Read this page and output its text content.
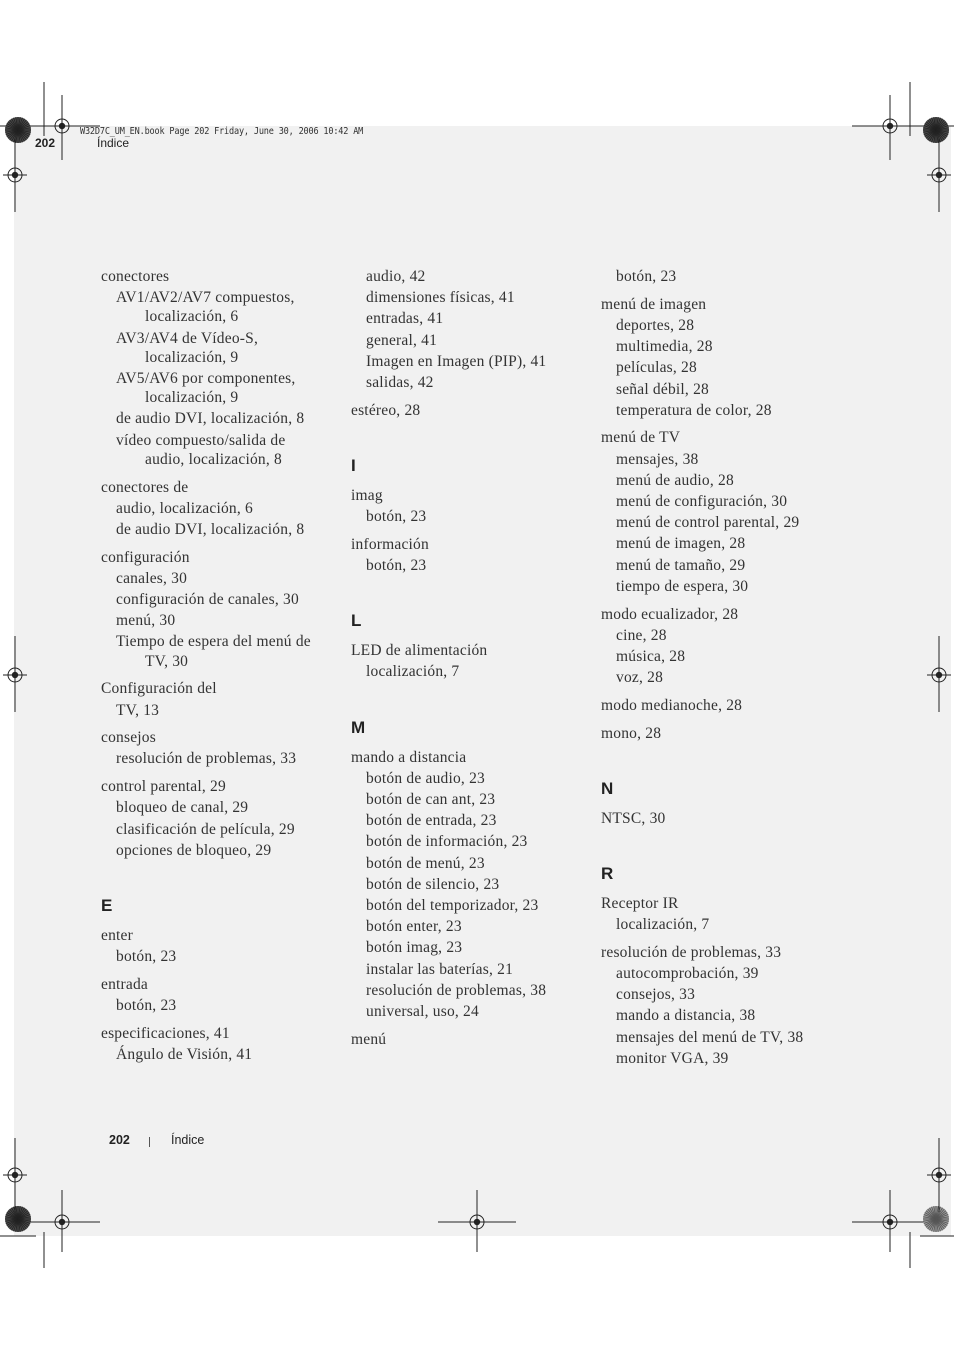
W32D7C_UM_EN.book Page 202 Friday, June 30, 2006 10:42 AM
202	Índice
conectores
AV1/AV2/AV7 compuestos,
localización, 6
AV3/AV4 de Vídeo-S,
localización, 9
AV5/AV6 por componentes,
localización, 9
de audio DVI, localización, 8
vídeo compuesto/salida de
audio, localización, 8
conectores de
audio, localización, 6
de audio DVI, localización, 8
configuración
canales, 30
configuración de canales, 30
menú, 30
Tiempo de espera del menú de
TV, 30
Configuración del
TV, 13
consejos
resolución de problemas, 33
control parental, 29
bloqueo de canal, 29
clasificación de película, 29
opciones de bloqueo, 29
E
enter
botón, 23
entrada
botón, 23
especificaciones, 41
Ángulo de Visión, 41
audio, 42
dimensiones físicas, 41
entradas, 41
general, 41
Imagen en Imagen (PIP), 41
salidas, 42
estéreo, 28
I
imag
botón, 23
información
botón, 23
L
LED de alimentación
localización, 7
M
mando a distancia
botón de audio, 23
botón de can ant, 23
botón de entrada, 23
botón de información, 23
botón de menú, 23
botón de silencio, 23
botón del temporizador, 23
botón enter, 23
botón imag, 23
instalar las baterías, 21
resolución de problemas, 38
universal, uso, 24
menú
botón, 23
menú de imagen
deportes, 28
multimedia, 28
películas, 28
señal débil, 28
temperatura de color, 28
menú de TV
mensajes, 38
menú de audio, 28
menú de configuración, 30
menú de control parental, 29
menú de imagen, 28
menú de tamaño, 29
tiempo de espera, 30
modo ecualizador, 28
cine, 28
música, 28
voz, 28
modo medianoche, 28
mono, 28
N
NTSC, 30
R
Receptor IR
localización, 7
resolución de problemas, 33
autocomprobación, 39
consejos, 33
mando a distancia, 38
mensajes del menú de TV, 38
monitor VGA, 39
202	Índice
